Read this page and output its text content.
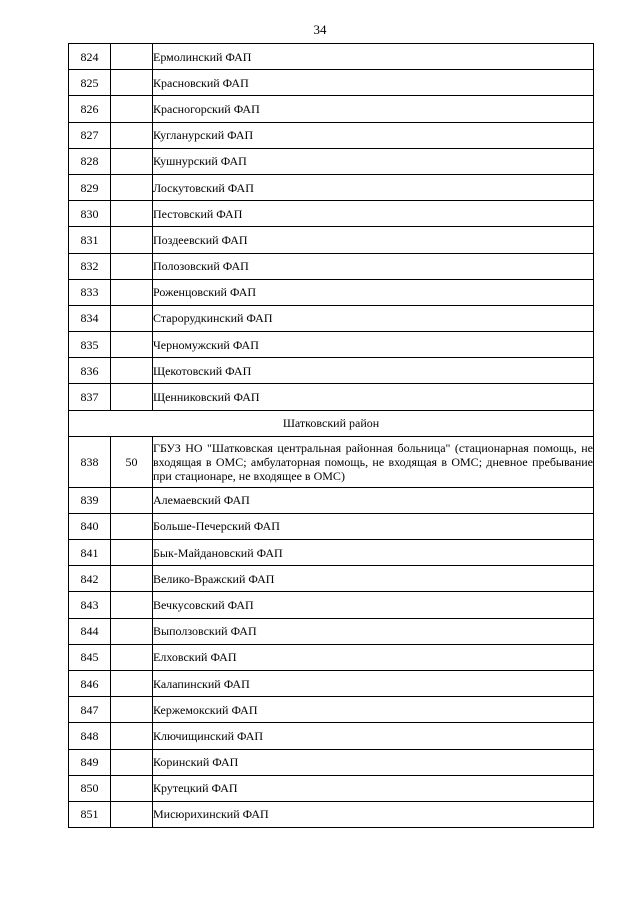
34
824		Ермолинский ФАП
825		Красновский ФАП
826		Красногорский ФАП
827		Кугланурский ФАП
828		Кушнурский ФАП
829		Лоскутовский ФАП
830		Пестовский ФАП
831		Поздеевский ФАП
832		Полозовский ФАП
833		Роженцовский ФАП
834		Старорудкинский ФАП
835		Черномужский ФАП
836		Щекотовский ФАП
837		Щенниковский ФАП
Шатковский район		
838	50	ГБУЗ НО "Шатковская центральная районная больница" (стационарная помощь, не входящая в ОМС; амбулаторная помощь, не входящая в ОМС; дневное пребывание при стационаре, не входящее в ОМС)
839		Алемаевский ФАП
840		Больше-Печерский ФАП
841		Бык-Майдановский ФАП
842		Велико-Вражский ФАП
843		Вечкусовский ФАП
844		Выползовский ФАП
845		Елховский ФАП
846		Калапинский ФАП
847		Кержемокский ФАП
848		Ключищинский ФАП
849		Коринский ФАП
850		Крутецкий ФАП
851		Мисюрихинский ФАП
